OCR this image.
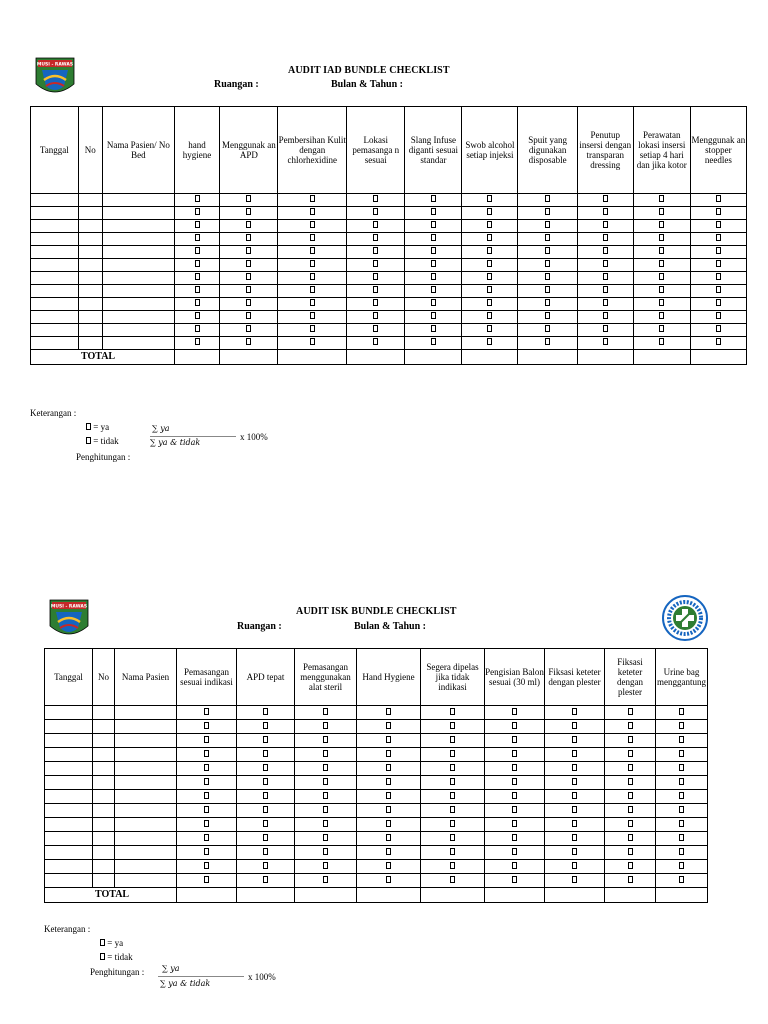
MUSI - RAWAS	AUDIT IAD BUNDLE CHECKLIST
Ruangan :	Bulan & Tahun :
Tanggal	No	Nama Pasien/ No Bed	hand hygiene	Menggunak an APD	Pembersihan Kulit dengan chlorhexidine	Lokasi pemasanga n sesuai	Slang Infuse diganti sesuai standar	Swob alcohol setiap injeksi	Spuit yang digunakan disposable	Penutup insersi dengan transparan dressing	Perawatan lokasi insersi setiap 4 hari dan jika kotor	Menggunak an stopper needles

TOTAL												
Keterangan :
= ya
= tidak
Penghitungan :
∑ ya
∑ ya & tidak
x 100%
MUSI - RAWAS	AUDIT ISK BUNDLE CHECKLIST
Ruangan :	Bulan & Tahun :
Tanggal	No	Nama Pasien	Pemasangan sesuai indikasi	APD tepat	Pemasangan menggunakan alat steril	Hand Hygiene	Segera dipelas jika tidak indikasi	Pengisian Balon sesuai (30 ml)	Fiksasi keteter dengan plester	Fiksasi keteter dengan plester	Urine bag menggantung

TOTAL											
Keterangan :
= ya
= tidak
Penghitungan : ∑ ya
∑ ya & tidak
x 100%
